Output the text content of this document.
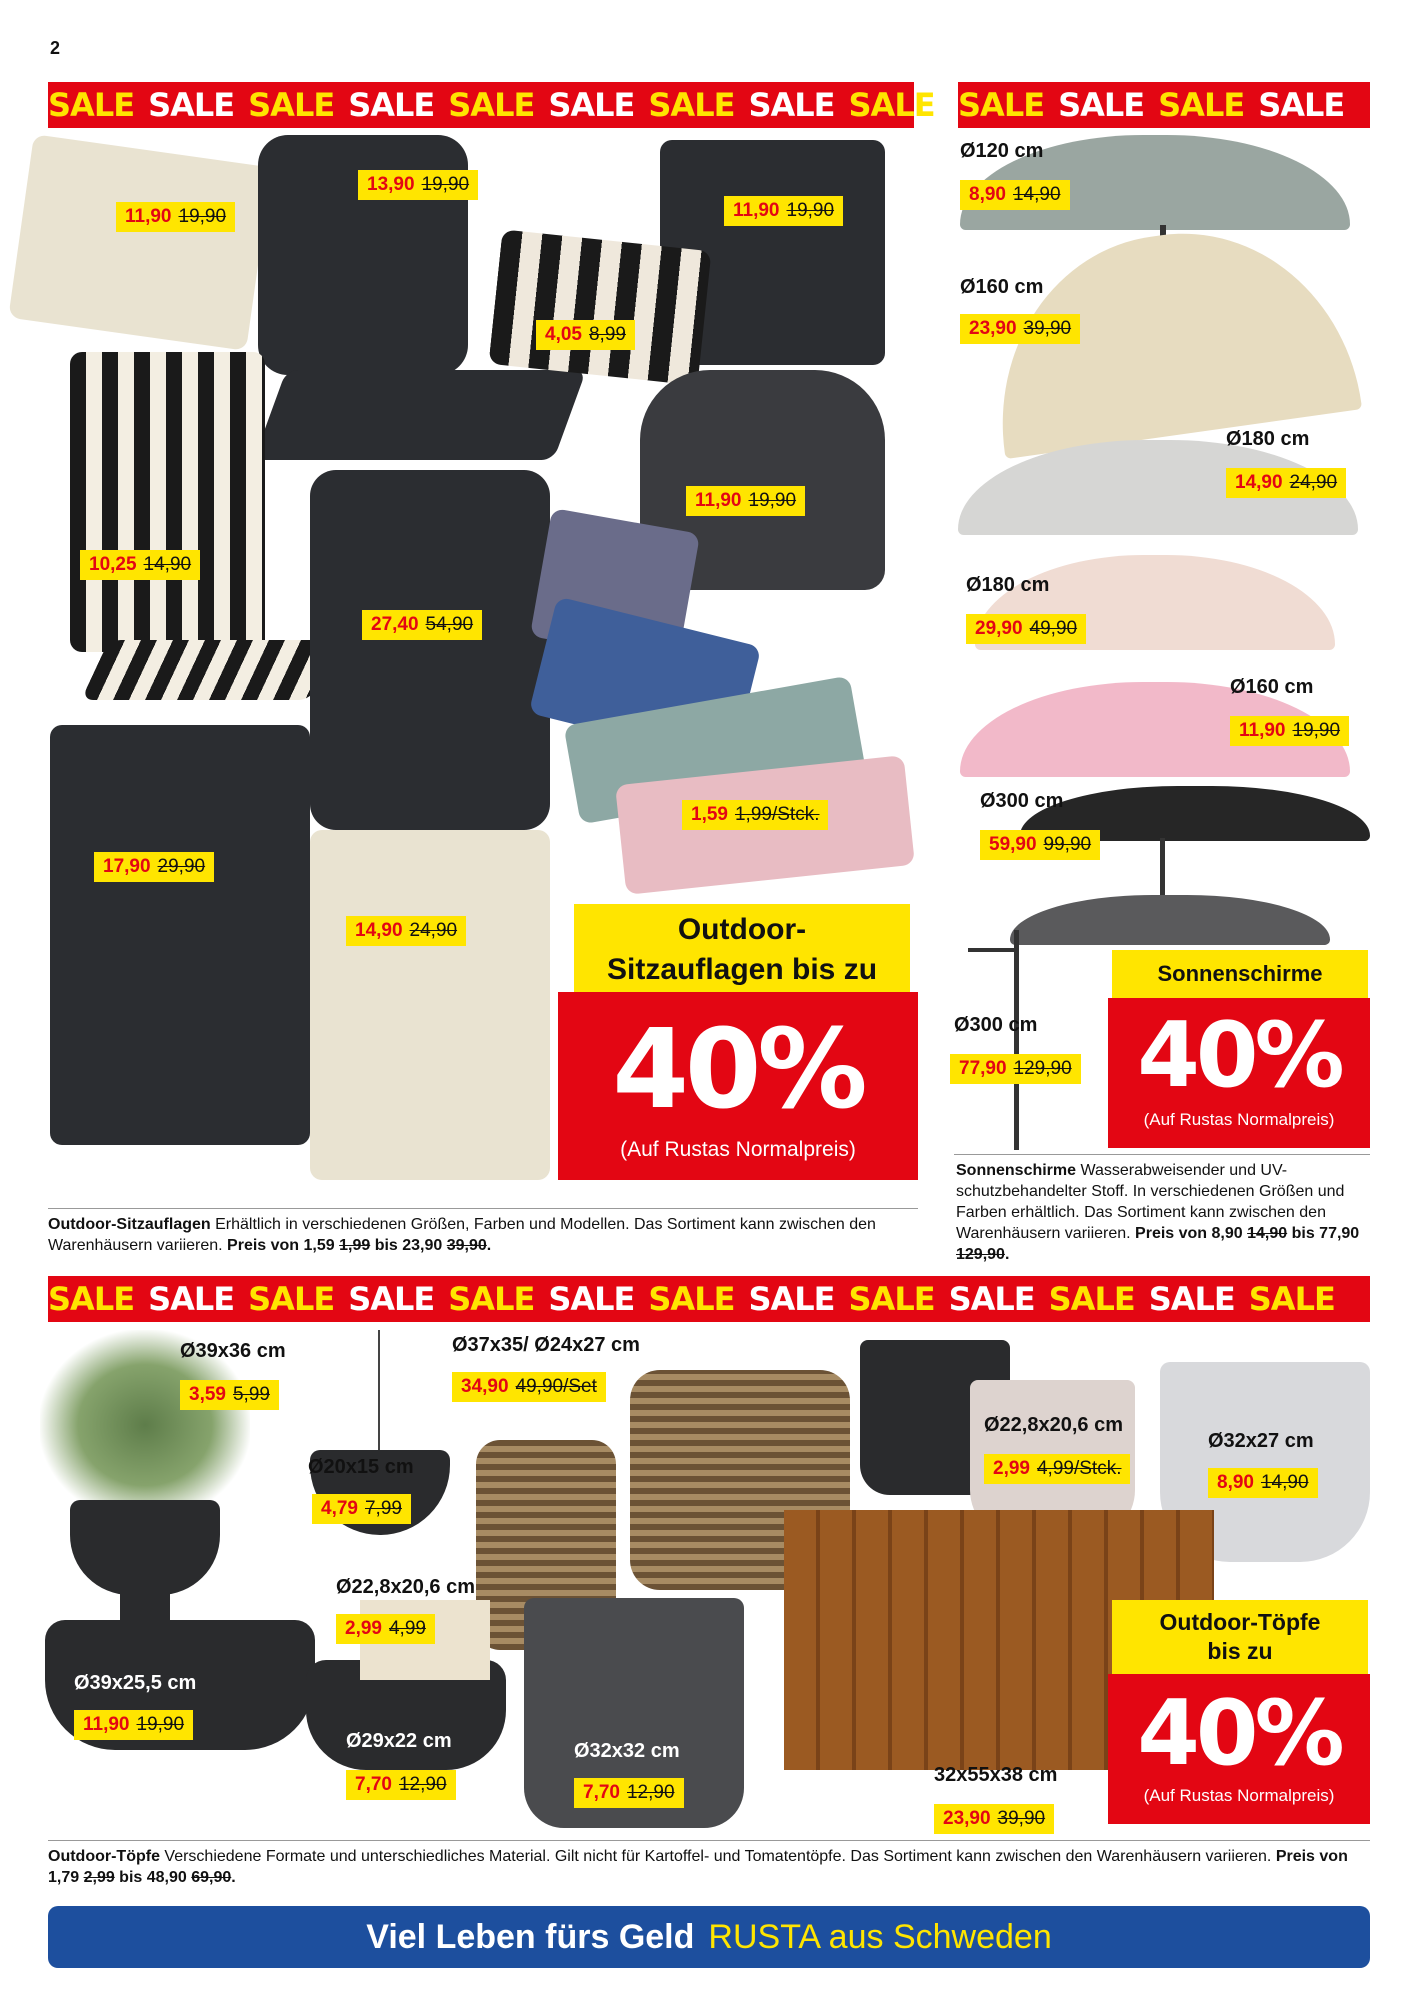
2
SALE SALE SALE SALE SALE SALE SALE SALE SALE SALE SALE SALE SALE
SALE SALE SALE SALE SALE SALE SALE SALE SALE SALE SALE SALE SALE
11,90 19,90
13,90 19,90
11,90 19,90
4,05 8,99
11,90 19,90
10,25 14,90
27,40 54,90
1,59 1,99/Stck.
17,90 29,90
14,90 24,90	Outdoor-
Sitzauflagen bis zu
40%
(Auf Rustas Normalpreis)
Outdoor-Sitzauflagen Erhältlich in verschiedenen Größen, Farben und Modellen. Das Sortiment kann zwischen den Warenhäusern variieren. Preis von 1,59 1,99 bis 23,90 39,90.
Ø120 cm
8,90 14,90
Ø160 cm
23,90 39,90
Ø180 cm
14,90 24,90
Ø180 cm
29,90 49,90
Ø160 cm
11,90 19,90
Ø300 cm
59,90 99,90
Ø300 cm
77,90 129,90
Sonnenschirme
40%
(Auf Rustas Normalpreis)
Sonnenschirme Wasserabweisender und UV-schutzbehandelter Stoff. In verschiedenen Größen und Farben erhältlich. Das Sortiment kann zwischen den Warenhäusern variieren. Preis von 8,90 14,90 bis 77,90 129,90.
Ø39x36 cm
3,59 5,99
Ø20x15 cm
4,79 7,99
Ø37x35/ Ø24x27 cm
34,90 49,90/Set
Ø22,8x20,6 cm
2,99 4,99/Stck.
Ø32x27 cm
8,90 14,90
Ø22,8x20,6 cm
2,99 4,99
Ø39x25,5 cm
11,90 19,90
Ø29x22 cm
7,70 12,90
Ø32x32 cm
7,70 12,90
32x55x38 cm
23,90 39,90
Outdoor-Töpfe
bis zu
40%
(Auf Rustas Normalpreis)
Outdoor-Töpfe Verschiedene Formate und unterschiedliches Material. Gilt nicht für Kartoffel- und Tomatentöpfe. Das Sortiment kann zwischen den Warenhäusern variieren. Preis von 1,79 2,99 bis 48,90 69,90.
Viel Leben fürs Geld RUSTA aus Schweden
